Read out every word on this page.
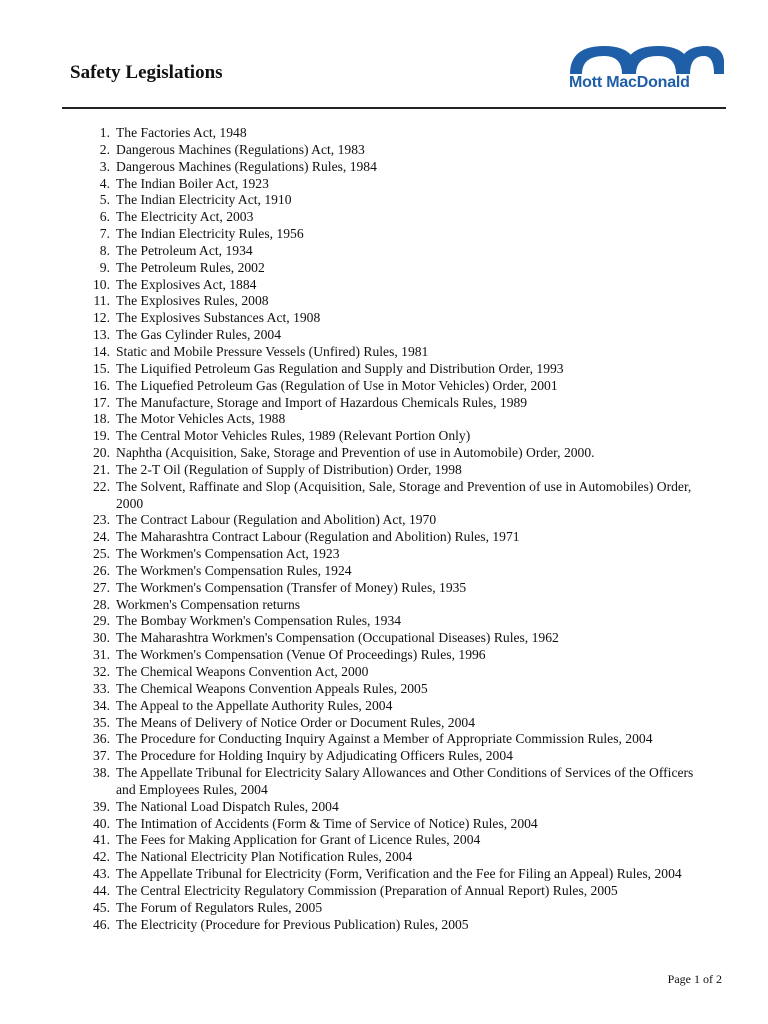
Safety Legislations	Mott MacDonald
1. The Factories Act, 1948
2. Dangerous Machines (Regulations) Act, 1983
3. Dangerous Machines (Regulations) Rules, 1984
4. The Indian Boiler Act, 1923
5. The Indian Electricity Act, 1910
6. The Electricity Act, 2003
7. The Indian Electricity Rules, 1956
8. The Petroleum Act, 1934
9. The Petroleum Rules, 2002
10. The Explosives Act, 1884
11. The Explosives Rules, 2008
12. The Explosives Substances Act, 1908
13. The Gas Cylinder Rules, 2004
14. Static and Mobile Pressure Vessels (Unfired) Rules, 1981
15. The Liquified Petroleum Gas Regulation and Supply and Distribution Order, 1993
16. The Liquefied Petroleum Gas (Regulation of Use in Motor Vehicles) Order, 2001
17. The Manufacture, Storage and Import of Hazardous Chemicals Rules, 1989
18. The Motor Vehicles Acts, 1988
19. The Central Motor Vehicles Rules, 1989 (Relevant Portion Only)
20. Naphtha (Acquisition, Sake, Storage and Prevention of use in Automobile) Order, 2000.
21. The 2-T Oil (Regulation of Supply of Distribution) Order, 1998
22. The Solvent, Raffinate and Slop (Acquisition, Sale, Storage and Prevention of use in Automobiles) Order, 2000
23. The Contract Labour (Regulation and Abolition) Act, 1970
24. The Maharashtra Contract Labour (Regulation and Abolition) Rules, 1971
25. The Workmen's Compensation Act, 1923
26. The Workmen's Compensation Rules, 1924
27. The Workmen's Compensation (Transfer of Money) Rules, 1935
28. Workmen's Compensation returns
29. The Bombay Workmen's Compensation Rules, 1934
30. The Maharashtra Workmen's Compensation (Occupational Diseases) Rules, 1962
31. The Workmen's Compensation (Venue Of Proceedings) Rules, 1996
32. The Chemical Weapons Convention Act, 2000
33. The Chemical Weapons Convention Appeals Rules, 2005
34. The Appeal to the Appellate Authority Rules, 2004
35. The Means of Delivery of Notice Order or Document Rules, 2004
36. The Procedure for Conducting Inquiry Against a Member of Appropriate Commission Rules, 2004
37. The Procedure for Holding Inquiry by Adjudicating Officers Rules, 2004
38. The Appellate Tribunal for Electricity Salary Allowances and Other Conditions of Services of the Officers and Employees Rules, 2004
39. The National Load Dispatch Rules, 2004
40. The Intimation of Accidents (Form & Time of Service of Notice) Rules, 2004
41. The Fees for Making Application for Grant of Licence Rules, 2004
42. The National Electricity Plan Notification Rules, 2004
43. The Appellate Tribunal for Electricity (Form, Verification and the Fee for Filing an Appeal) Rules, 2004
44. The Central Electricity Regulatory Commission (Preparation of Annual Report) Rules, 2005
45. The Forum of Regulators Rules, 2005
46. The Electricity (Procedure for Previous Publication) Rules, 2005
Page 1 of 2
